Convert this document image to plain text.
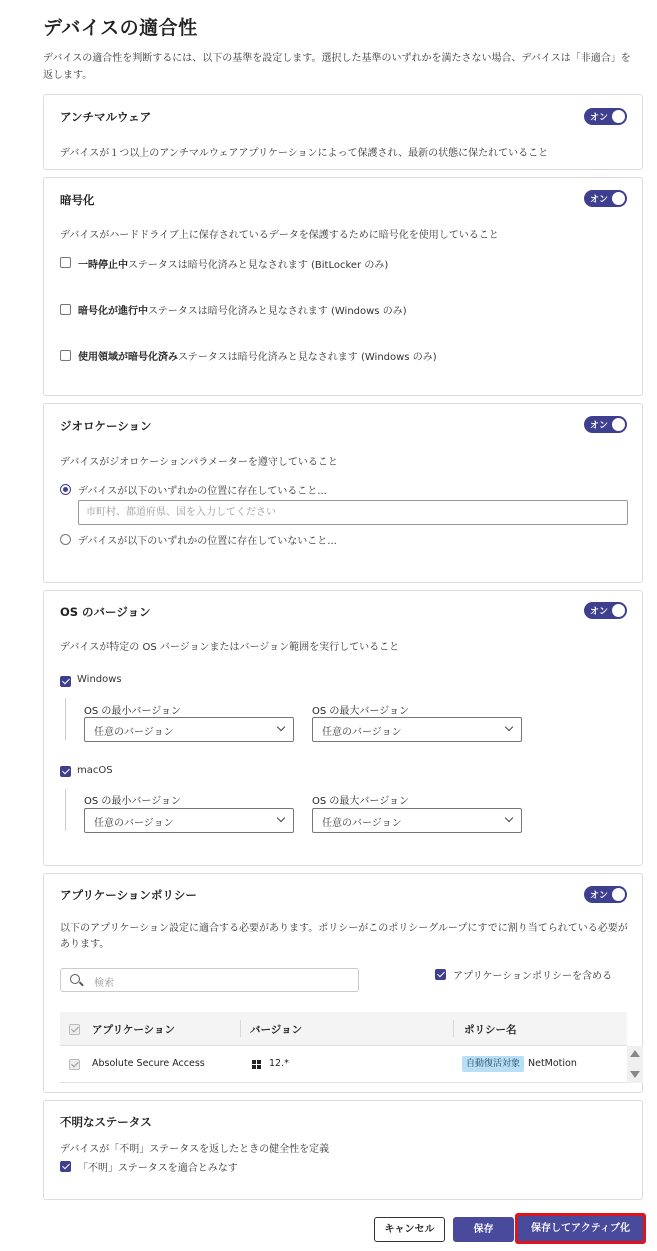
デバイスの適合性
デバイスの適合性を判断するには、以下の基準を設定します。選択した基準のいずれかを満たさない場合、デバイスは「非適合」を返します。
アンチマルウェア	オン
デバイスが１つ以上のアンチマルウェアアプリケーションによって保護され、最新の状態に保たれていること
暗号化	オン
デバイスがハードドライブ上に保存されているデータを保護するために暗号化を使用していること
一時停止中ステータスは暗号化済みと見なされます (BitLocker のみ)
暗号化が進行中ステータスは暗号化済みと見なされます (Windows のみ)
使用領域が暗号化済みステータスは暗号化済みと見なされます (Windows のみ)
ジオロケーション	オン
デバイスがジオロケーションパラメーターを遵守していること
デバイスが以下のいずれかの位置に存在していること...
市町村、都道府県、国を入力してください
デバイスが以下のいずれかの位置に存在していないこと...
OS のバージョン	オン
デバイスが特定の OS バージョンまたはバージョン範囲を実行していること
Windows
OS の最小バージョン	OS の最大バージョン
任意のバージョン	任意のバージョン
macOS
OS の最小バージョン	OS の最大バージョン
任意のバージョン	任意のバージョン
アプリケーションポリシー	オン
以下のアプリケーション設定に適合する必要があります。ポリシーがこのポリシーグループにすでに割り当てられている必要があります。
検索
アプリケーションポリシーを含める
アプリケーション	バージョン	ポリシー名
Absolute Secure Access	12.*	自動復活対象 NetMotion
不明なステータス
デバイスが「不明」ステータスを返したときの健全性を定義
「不明」ステータスを適合とみなす
キャンセル	保存	保存してアクティブ化
